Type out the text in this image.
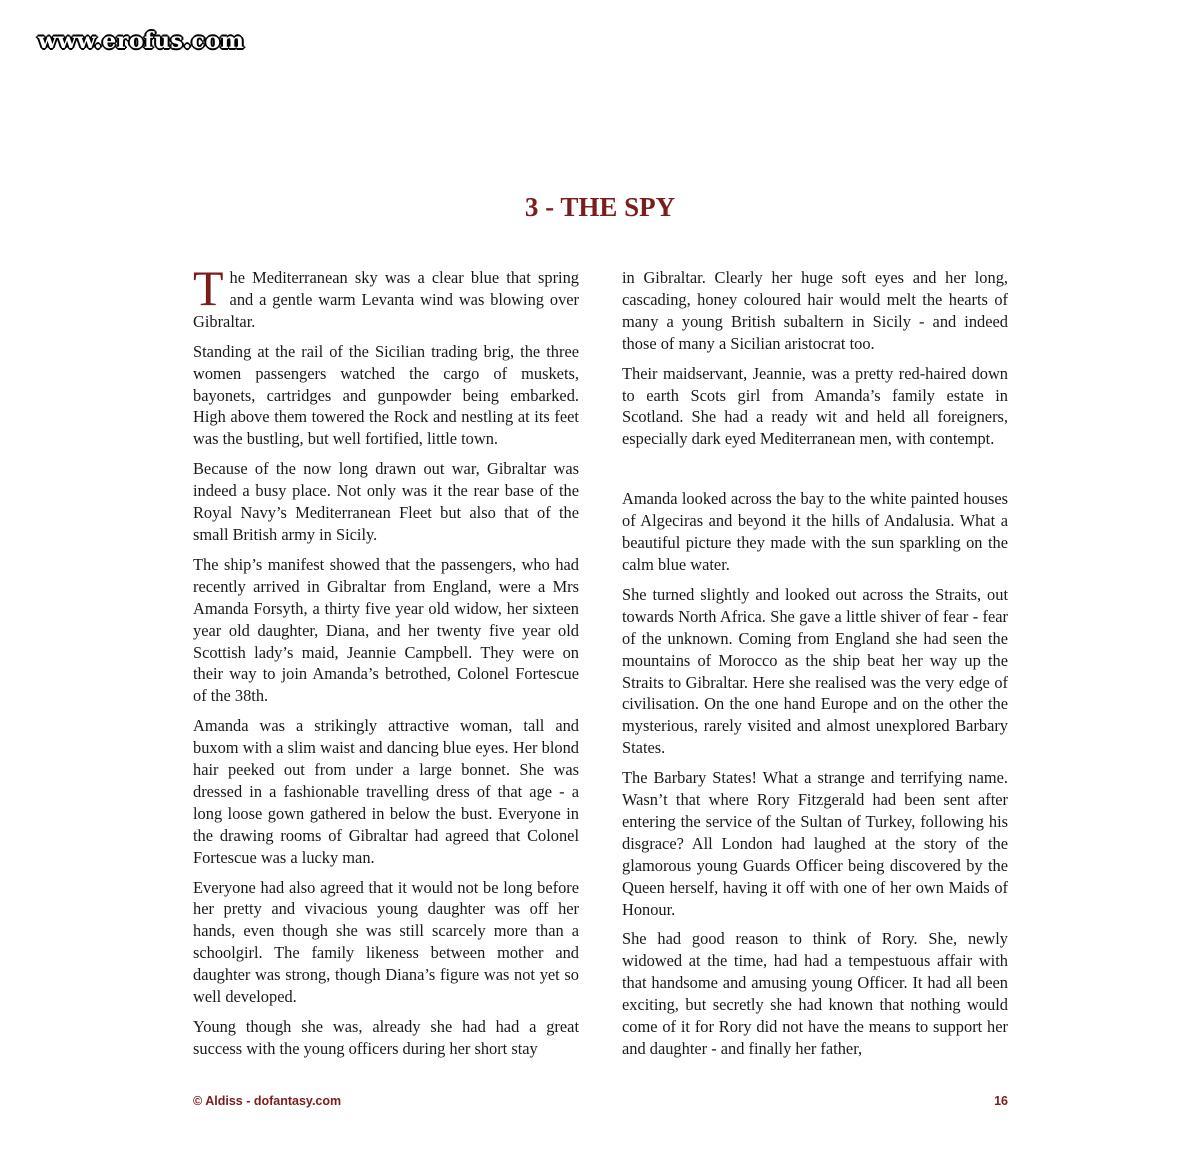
www.erofus.com
3 - THE SPY

The Mediterranean sky was a clear blue that spring and a gentle warm Levanta wind was blowing over Gibraltar.

Standing at the rail of the Sicilian trading brig, the three women passengers watched the cargo of muskets, bayonets, cartridges and gunpowder being embarked. High above them towered the Rock and nestling at its feet was the bustling, but well fortified, little town.

Because of the now long drawn out war, Gibraltar was indeed a busy place. Not only was it the rear base of the Royal Navy’s Mediterranean Fleet but also that of the small British army in Sicily.

The ship’s manifest showed that the passengers, who had recently arrived in Gibraltar from England, were a Mrs Amanda Forsyth, a thirty five year old widow, her sixteen year old daughter, Diana, and her twenty five year old Scottish lady’s maid, Jeannie Campbell. They were on their way to join Amanda’s betrothed, Colonel Fortescue of the 38th.

Amanda was a strikingly attractive woman, tall and buxom with a slim waist and dancing blue eyes. Her blond hair peeked out from under a large bonnet. She was dressed in a fashionable travelling dress of that age - a long loose gown gathered in below the bust. Everyone in the drawing rooms of Gibraltar had agreed that Colonel Fortescue was a lucky man.

Everyone had also agreed that it would not be long before her pretty and vivacious young daughter was off her hands, even though she was still scarcely more than a schoolgirl. The family likeness between mother and daughter was strong, though Diana’s figure was not yet so well developed.

Young though she was, already she had had a great success with the young officers during her short stay

in Gibraltar. Clearly her huge soft eyes and her long, cascading, honey coloured hair would melt the hearts of many a young British subaltern in Sicily - and indeed those of many a Sicilian aristocrat too.

Their maidservant, Jeannie, was a pretty red-haired down to earth Scots girl from Amanda’s family estate in Scotland. She had a ready wit and held all foreigners, especially dark eyed Mediterranean men, with contempt.

Amanda looked across the bay to the white painted houses of Algeciras and beyond it the hills of Andalusia. What a beautiful picture they made with the sun sparkling on the calm blue water.

She turned slightly and looked out across the Straits, out towards North Africa. She gave a little shiver of fear - fear of the unknown. Coming from England she had seen the mountains of Morocco as the ship beat her way up the Straits to Gibraltar. Here she realised was the very edge of civilisation. On the one hand Europe and on the other the mysterious, rarely visited and almost unexplored Barbary States.

The Barbary States! What a strange and terrifying name. Wasn’t that where Rory Fitzgerald had been sent after entering the service of the Sultan of Turkey, following his disgrace? All London had laughed at the story of the glamorous young Guards Officer being discovered by the Queen herself, having it off with one of her own Maids of Honour.

She had good reason to think of Rory. She, newly widowed at the time, had had a tempestuous affair with that handsome and amusing young Officer. It had all been exciting, but secretly she had known that nothing would come of it for Rory did not have the means to support her and daughter - and finally her father,

© Aldiss - dofantasy.com	16
